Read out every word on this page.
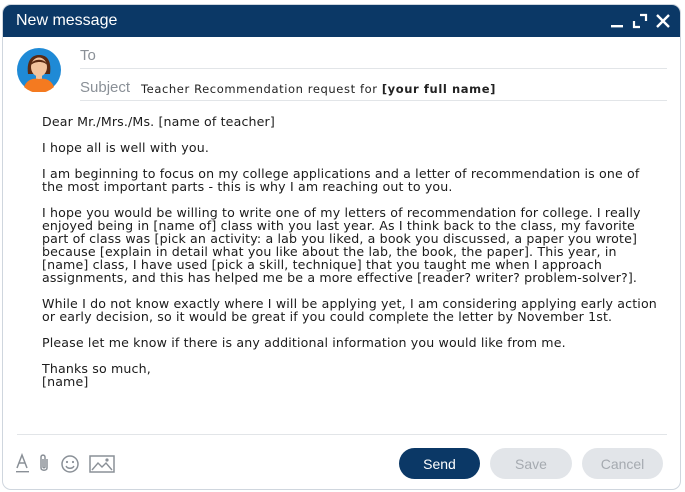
New message
To
Subject Teacher Recommendation request for [your full name]

Dear Mr./Mrs./Ms. [name of teacher]

I hope all is well with you.

I am beginning to focus on my college applications and a letter of recommendation is one of the most important parts - this is why I am reaching out to you.

I hope you would be willing to write one of my letters of recommendation for college. I really enjoyed being in [name of] class with you last year. As I think back to the class, my favorite part of class was [pick an activity: a lab you liked, a book you discussed, a paper you wrote] because [explain in detail what you like about the lab, the book, the paper]. This year, in [name] class, I have used [pick a skill, technique] that you taught me when I approach assignments, and this has helped me be a more effective [reader? writer? problem-solver?].

While I do not know exactly where I will be applying yet, I am considering applying early action or early decision, so it would be great if you could complete the letter by November 1st.

Please let me know if there is any additional information you would like from me.

Thanks so much,

[name]

Send	Save	Cancel
